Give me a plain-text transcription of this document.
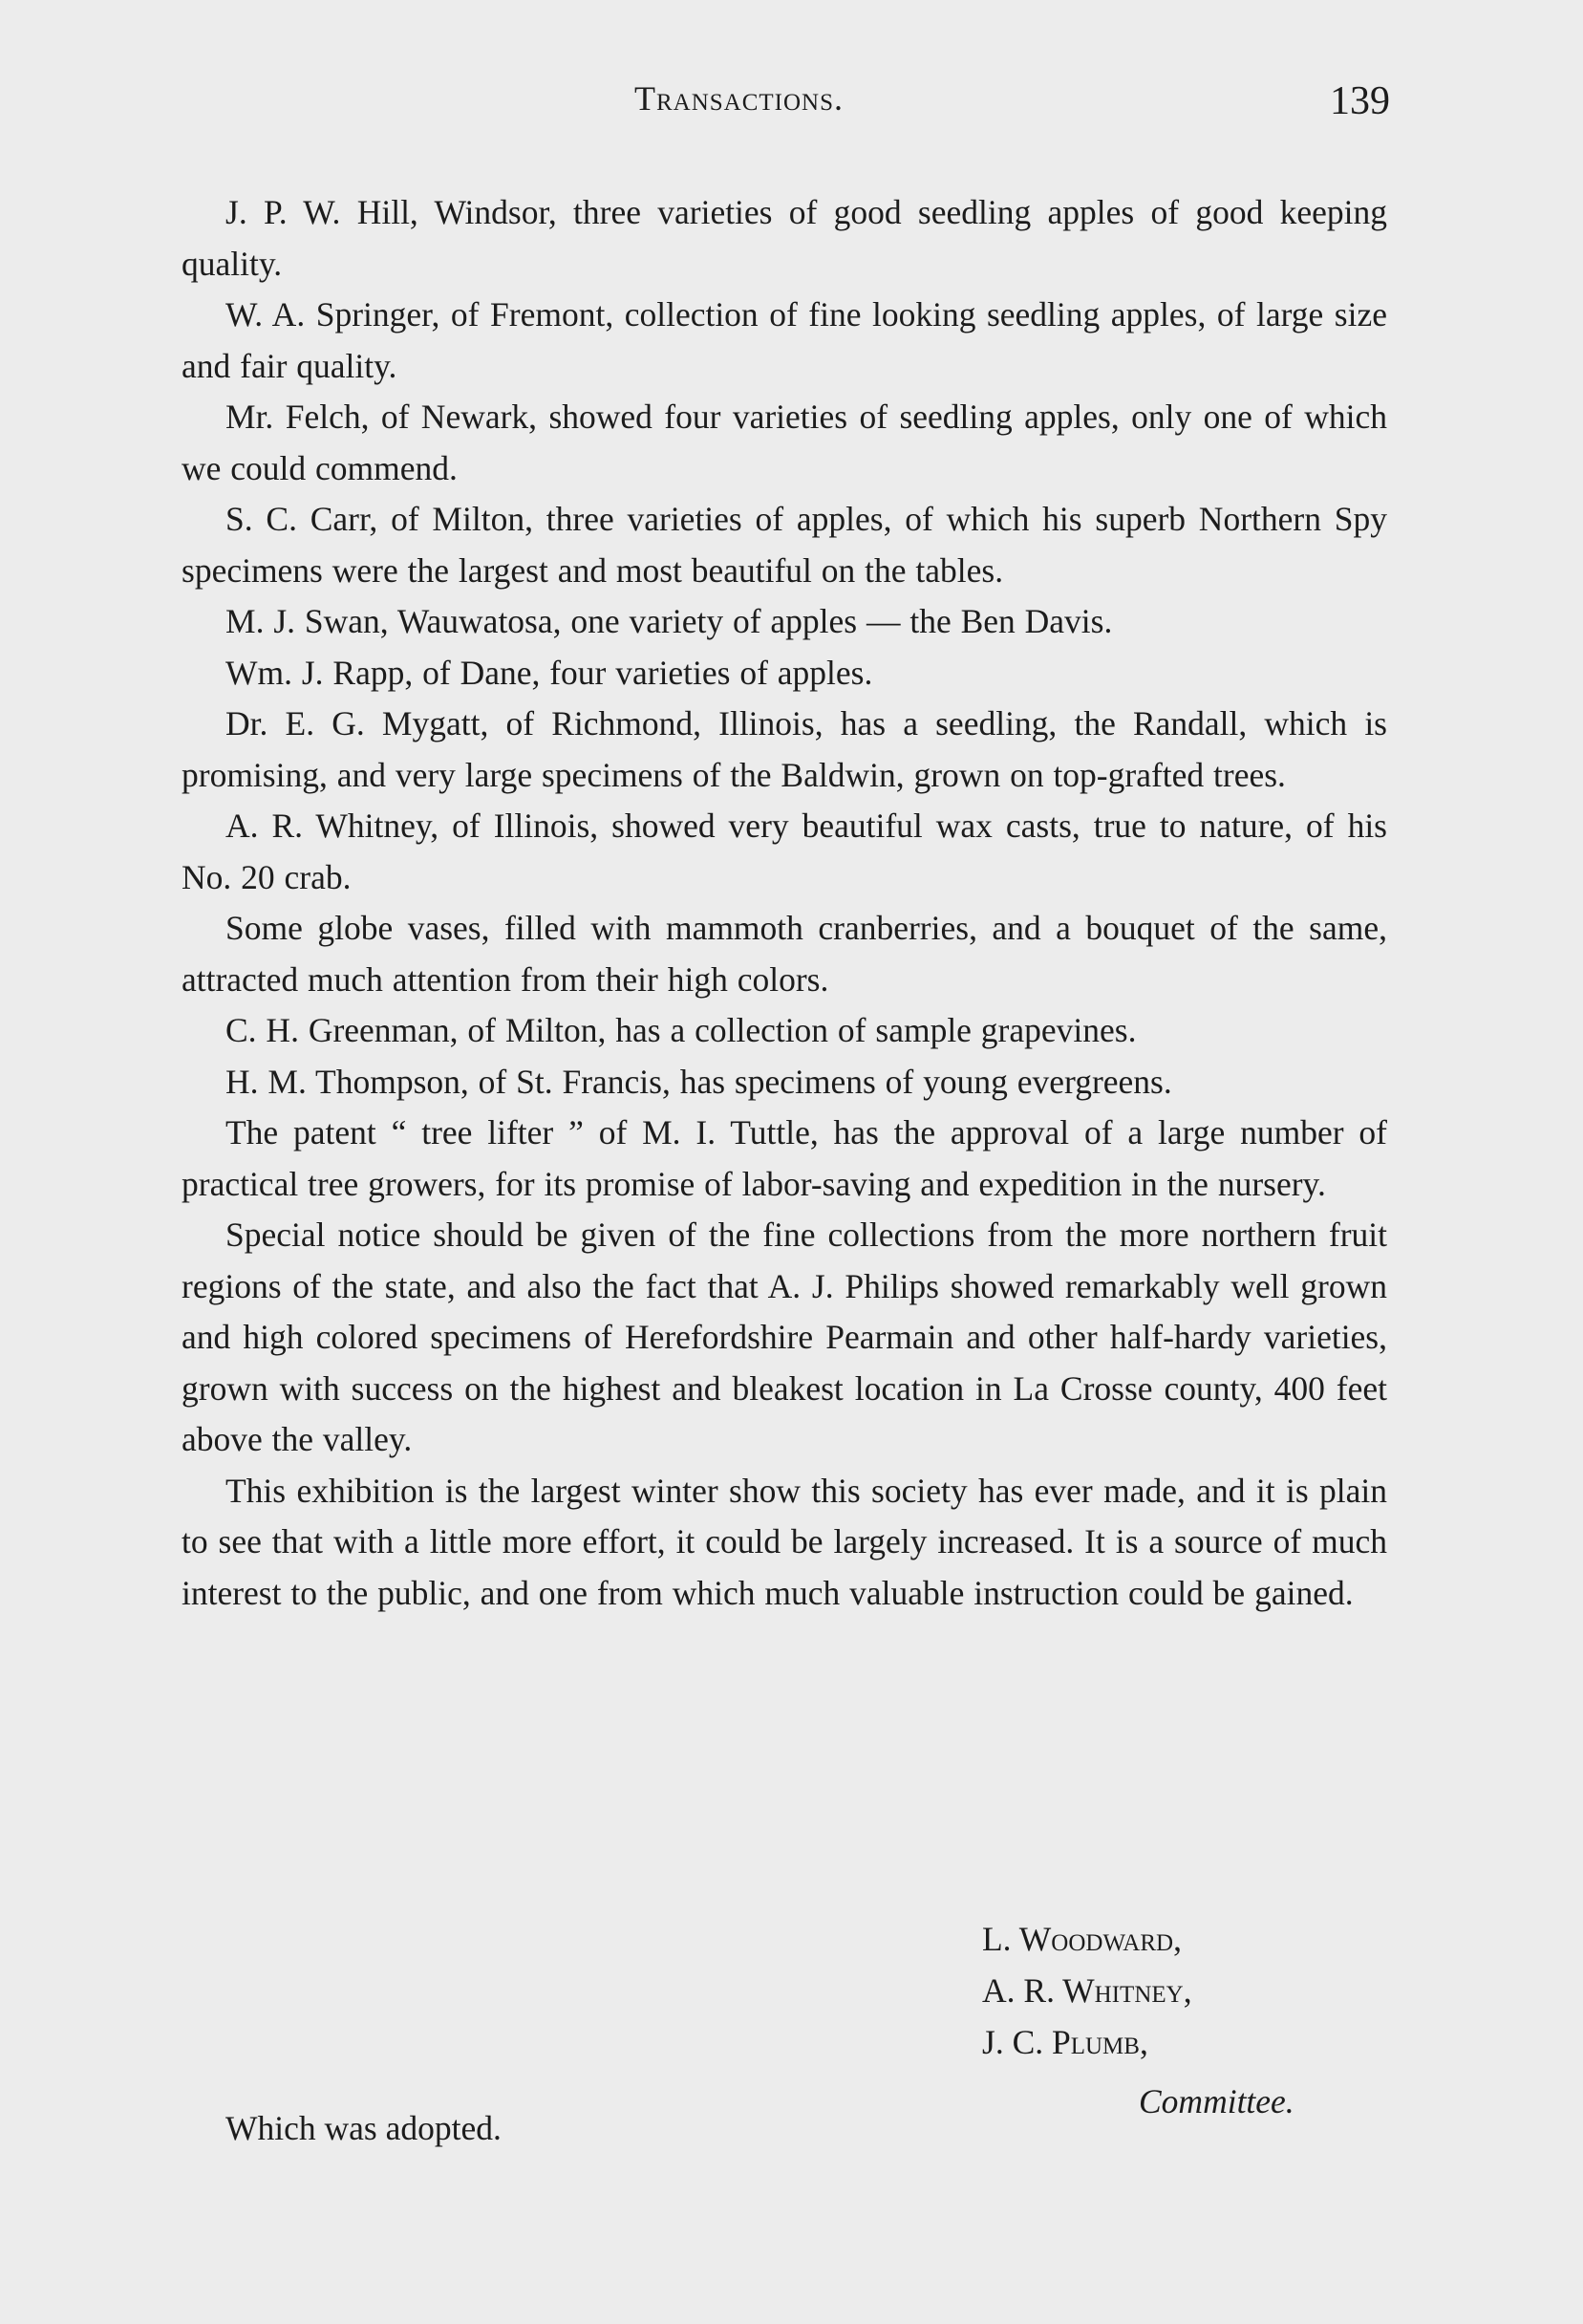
Transactions.	139

J. P. W. Hill, Windsor, three varieties of good seedling apples of good keeping quality.

W. A. Springer, of Fremont, collection of fine looking seedling apples, of large size and fair quality.

Mr. Felch, of Newark, showed four varieties of seedling apples, only one of which we could commend.

S. C. Carr, of Milton, three varieties of apples, of which his superb Northern Spy specimens were the largest and most beautiful on the tables.

M. J. Swan, Wauwatosa, one variety of apples — the Ben Davis.

Wm. J. Rapp, of Dane, four varieties of apples.

Dr. E. G. Mygatt, of Richmond, Illinois, has a seedling, the Randall, which is promising, and very large specimens of the Baldwin, grown on top-grafted trees.

A. R. Whitney, of Illinois, showed very beautiful wax casts, true to nature, of his No. 20 crab.

Some globe vases, filled with mammoth cranberries, and a bouquet of the same, attracted much attention from their high colors.

C. H. Greenman, of Milton, has a collection of sample grapevines.

H. M. Thompson, of St. Francis, has specimens of young evergreens.

The patent “ tree lifter ” of M. I. Tuttle, has the approval of a large number of practical tree growers, for its promise of labor-saving and expedition in the nursery.

Special notice should be given of the fine collections from the more northern fruit regions of the state, and also the fact that A. J. Philips showed remarkably well grown and high colored specimens of Herefordshire Pearmain and other half-hardy varieties, grown with success on the highest and bleakest location in La Crosse county, 400 feet above the valley.

This exhibition is the largest winter show this society has ever made, and it is plain to see that with a little more effort, it could be largely increased. It is a source of much interest to the public, and one from which much valuable instruction could be gained.

L. Woodward,
A. R. Whitney,
J. C. Plumb,
Committee.
Which was adopted.
